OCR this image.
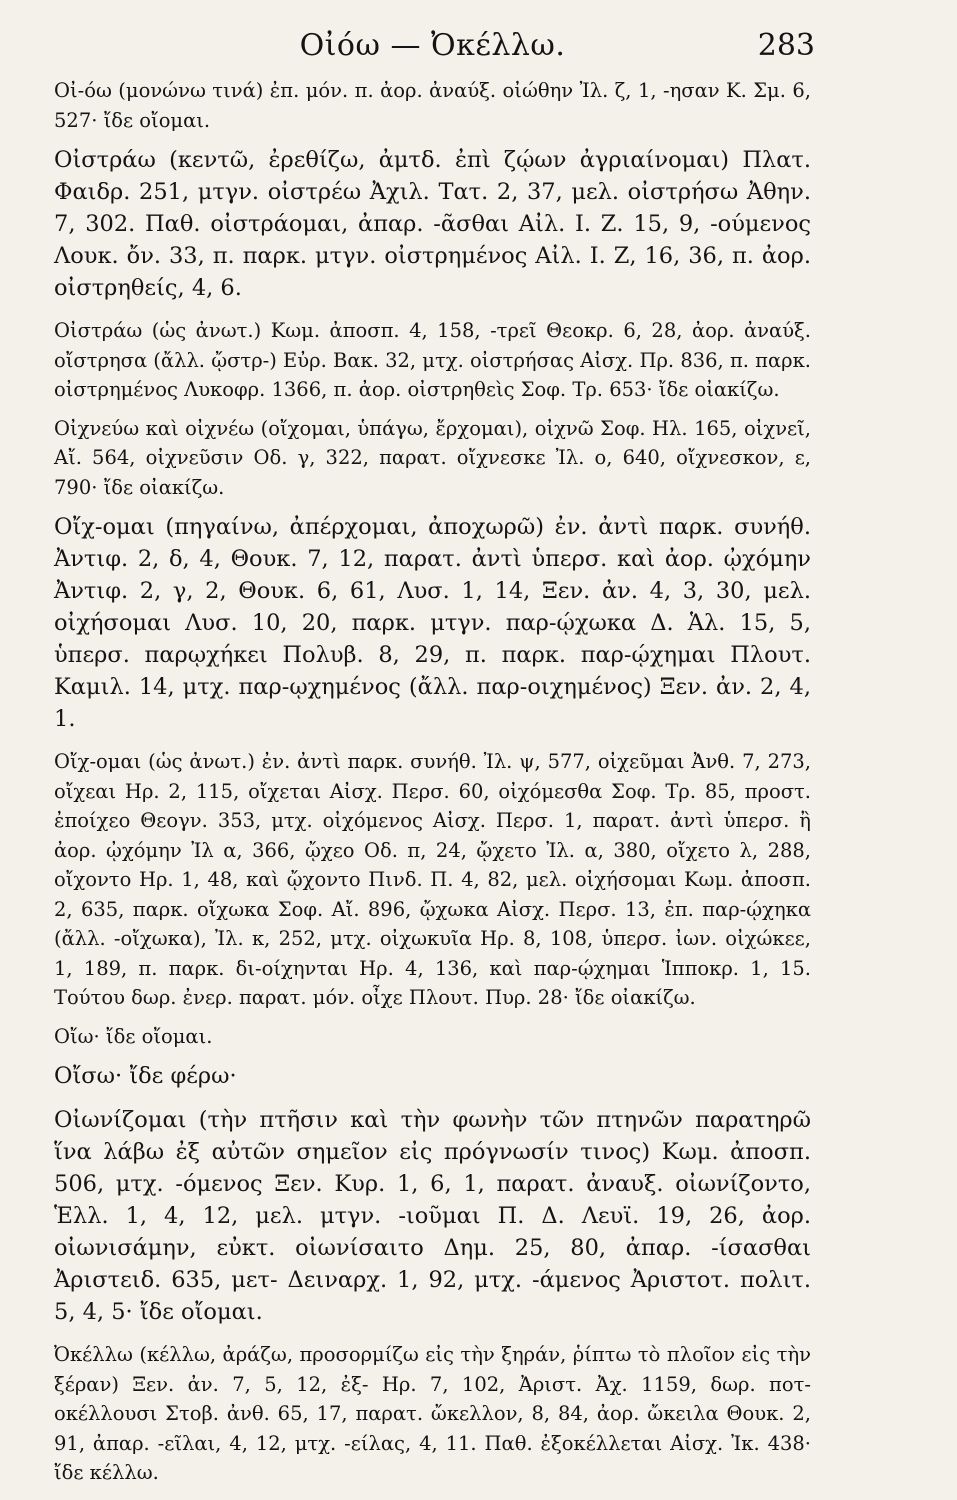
Οἰόω — Ὀκέλλω.	283
Οἰ-όω (μονώνω τινά) ἐπ. μόν. π. ἀορ. ἀναύξ. οἰώθην Ἰλ. ζ, 1, -ησαν Κ. Σμ. 6, 527· ἴδε οἴομαι.
Οἰστράω (κεντῶ, ἐρεθίζω, ἀμτδ. ἐπὶ ζῴων ἀγριαίνομαι) Πλατ. Φαιδρ. 251, μτγν. οἰστρέω Ἀχιλ. Τατ. 2, 37, μελ. οἰστρήσω Ἀθην. 7, 302. Παθ. οἰστράομαι, ἀπαρ. -ᾶσθαι Αἰλ. Ι. Ζ. 15, 9, -ούμενος Λουκ. ὄν. 33, π. παρκ. μτγν. οἰστρημένος Αἰλ. Ι. Ζ, 16, 36, π. ἀορ. οἰστρηθείς, 4, 6.
Οἰστράω (ὡς ἀνωτ.) Κωμ. ἀποσπ. 4, 158, -τρεῖ Θεοκρ. 6, 28, ἀορ. ἀναύξ. οἴστρησα (ἄλλ. ᾤστρ-) Εὐρ. Βακ. 32, μτχ. οἰστρήσας Αἰσχ. Πρ. 836, π. παρκ. οἰστρημένος Λυκοφρ. 1366, π. ἀορ. οἰστρηθεὶς Σοφ. Τρ. 653· ἴδε οἰακίζω.
Οἰχνεύω καὶ οἰχνέω (οἴχομαι, ὑπάγω, ἔρχομαι), οἰχνῶ Σοφ. Ηλ. 165, οἰχνεῖ, Αἴ. 564, οἰχνεῦσιν Οδ. γ, 322, παρατ. οἴχνεσκε Ἰλ. ο, 640, οἴχνεσκον, ε, 790· ἴδε οἰακίζω.
Οἴχ-ομαι (πηγαίνω, ἀπέρχομαι, ἀποχωρῶ) ἐν. ἀντὶ παρκ. συνήθ. Ἀντιφ. 2, δ, 4, Θουκ. 7, 12, παρατ. ἀντὶ ὑπερσ. καὶ ἀορ. ᾠχόμην Ἀντιφ. 2, γ, 2, Θουκ. 6, 61, Λυσ. 1, 14, Ξεν. ἀν. 4, 3, 30, μελ. οἰχήσομαι Λυσ. 10, 20, παρκ. μτγν. παρ-ῴχωκα Δ. Ἁλ. 15, 5, ὑπερσ. παρῳχήκει Πολυβ. 8, 29, π. παρκ. παρ-ῴχημαι Πλουτ. Καμιλ. 14, μτχ. παρ-ῳχημένος (ἄλλ. παρ-οιχημένος) Ξεν. ἀν. 2, 4, 1.
Οἴχ-ομαι (ὡς ἀνωτ.) ἐν. ἀντὶ παρκ. συνήθ. Ἰλ. ψ, 577, οἰχεῦμαι Ἀνθ. 7, 273, οἴχεαι Ηρ. 2, 115, οἴχεται Αἰσχ. Περσ. 60, οἰχόμεσθα Σοφ. Τρ. 85, προστ. ἐποίχεο Θεογν. 353, μτχ. οἰχόμενος Αἰσχ. Περσ. 1, παρατ. ἀντὶ ὑπερσ. ἢ ἀορ. ᾠχόμην Ἰλ α, 366, ᾤχεο Οδ. π, 24, ᾤχετο Ἰλ. α, 380, οἴχετο λ, 288, οἴχοντο Ηρ. 1, 48, καὶ ᾤχοντο Πινδ. Π. 4, 82, μελ. οἰχήσομαι Κωμ. ἀποσπ. 2, 635, παρκ. οἴχωκα Σοφ. Αἴ. 896, ᾤχωκα Αἰσχ. Περσ. 13, ἐπ. παρ-ῴχηκα (ἄλλ. -οἴχωκα), Ἰλ. κ, 252, μτχ. οἰχωκυῖα Ηρ. 8, 108, ὑπερσ. ἰων. οἰχώκεε, 1, 189, π. παρκ. δι-οίχηνται Ηρ. 4, 136, καὶ παρ-ῴχημαι Ἱπποκρ. 1, 15. Τούτου δωρ. ἐνερ. παρατ. μόν. οἶχε Πλουτ. Πυρ. 28· ἴδε οἰακίζω.
Οἴω· ἴδε οἴομαι.
Οἴσω· ἴδε φέρω·
Οἰωνίζομαι (τὴν πτῆσιν καὶ τὴν φωνὴν τῶν πτηνῶν παρατηρῶ ἵνα λάβω ἐξ αὐτῶν σημεῖον εἰς πρόγνωσίν τινος) Κωμ. ἀποσπ. 506, μτχ. -όμενος Ξεν. Κυρ. 1, 6, 1, παρατ. ἀναυξ. οἰωνίζοντο, Ἑλλ. 1, 4, 12, μελ. μτγν. -ιοῦμαι Π. Δ. Λευϊ. 19, 26, ἀορ. οἰωνισάμην, εὐκτ. οἰωνίσαιτο Δημ. 25, 80, ἀπαρ. -ίσασθαι Ἀριστειδ. 635, μετ- Δειναρχ. 1, 92, μτχ. -άμενος Ἀριστοτ. πολιτ. 5, 4, 5· ἴδε οἴομαι.
Ὀκέλλω (κέλλω, ἀράζω, προσορμίζω εἰς τὴν ξηράν, ῥίπτω τὸ πλοῖον εἰς τὴν ξέραν) Ξεν. ἀν. 7, 5, 12, ἐξ- Ηρ. 7, 102, Ἀριστ. Ἀχ. 1159, δωρ. ποτ-οκέλλουσι Στοβ. ἀνθ. 65, 17, παρατ. ὤκελλον, 8, 84, ἀορ. ὤκειλα Θουκ. 2, 91, ἀπαρ. -εῖλαι, 4, 12, μτχ. -είλας, 4, 11. Παθ. ἐξοκέλλεται Αἰσχ. Ἰκ. 438· ἴδε κέλλω.
